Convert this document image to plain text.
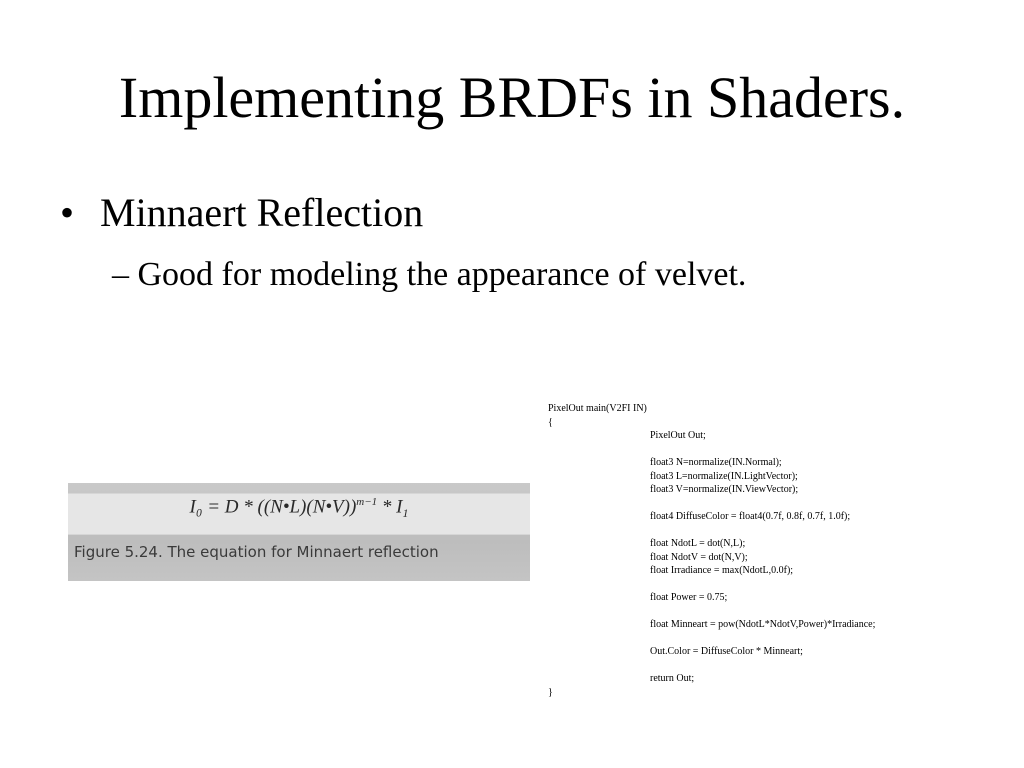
Implementing BRDFs in Shaders.
• Minnaert Reflection
– Good for modeling the appearance of velvet.
I₀ = D * ((N•L)(N•V))$^{m-1}$ * $I_1$
Figure 5.24. The equation for Minnaert reflection
PixelOut main(V2FI IN)
{
PixelOut Out;
float3 N=normalize(IN.Normal);
float3 L=normalize(IN.LightVector);
float3 V=normalize(IN.ViewVector);
float4 DiffuseColor = float4(0.7f, 0.8f, 0.7f, 1.0f);
float NdotL = dot(N,L);
float NdotV = dot(N,V);
float Irradiance = max(NdotL,0.0f);
float Power = 0.75;
float Minneart = pow(NdotL*NdotV,Power)*Irradiance;
Out.Color = DiffuseColor * Minneart;
return Out;
}
